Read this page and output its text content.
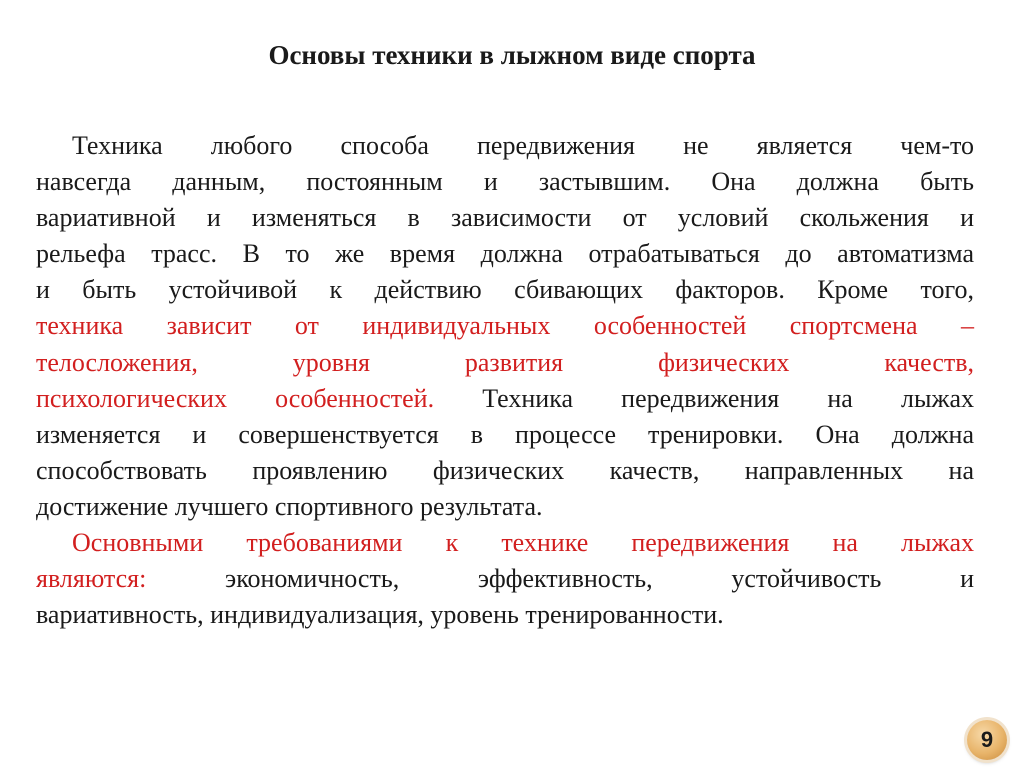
Основы техники в лыжном виде спорта
Техника любого способа передвижения не является чем-то
навсегда данным, постоянным и застывшим. Она должна быть
вариативной и изменяться в зависимости от условий скольжения и
рельефа трасс. В то же время должна отрабатываться до автоматизма
и быть устойчивой к действию сбивающих факторов. Кроме того,
техника зависит от индивидуальных особенностей спортсмена –
телосложения, уровня развития физических качеств,
психологических особенностей. Техника передвижения на лыжах
изменяется и совершенствуется в процессе тренировки. Она должна
способствовать проявлению физических качеств, направленных на
достижение лучшего спортивного результата.
Основными требованиями к технике передвижения на лыжах
являются: экономичность, эффективность, устойчивость и
вариативность, индивидуализация, уровень тренированности.
9
